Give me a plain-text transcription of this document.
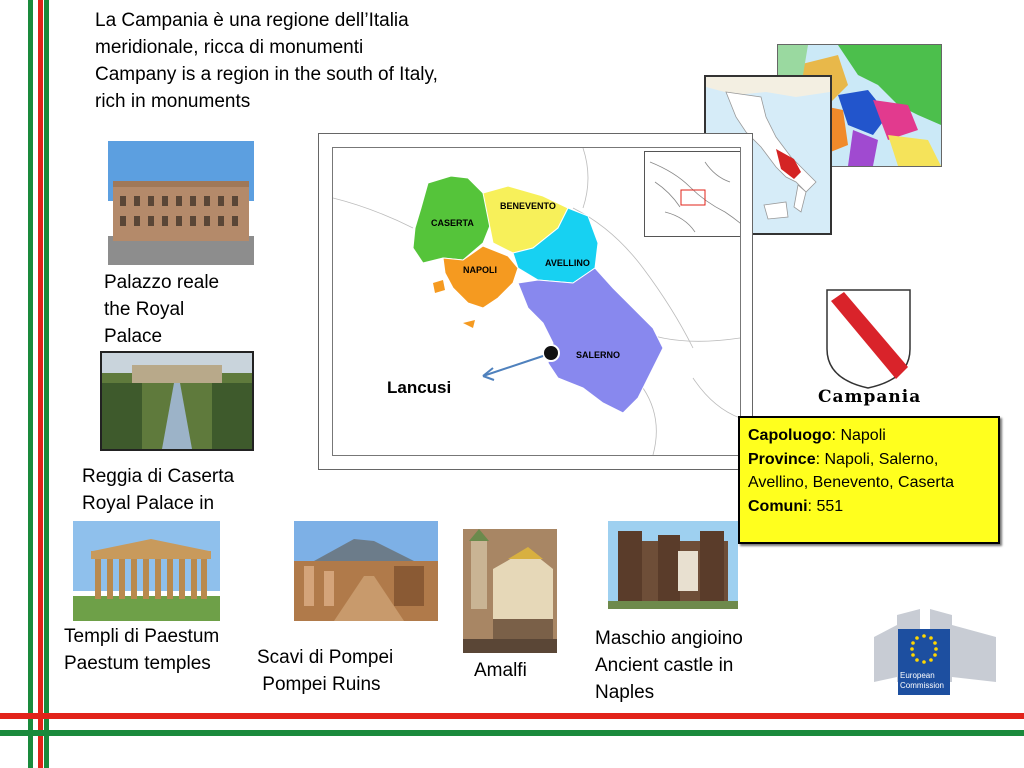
La Campania è una regione dell’Italia
meridionale, ricca di monumenti
Campany is a region in the south of Italy,
rich in monuments
CASERTA
BENEVENTO
NAPOLI
AVELLINO
SALERNO
Lancusi	Campania
Capoluogo: Napoli
Province: Napoli, Salerno, Avellino, Benevento, Caserta
Comuni: 551
Palazzo reale
the Royal
Palace
Reggia di Caserta
Royal Palace in
Templi di Paestum
Paestum temples	Scavi di Pompei
Pompei Ruins
Amalfi
Maschio angioino
Ancient castle in
Naples
European
Commission
